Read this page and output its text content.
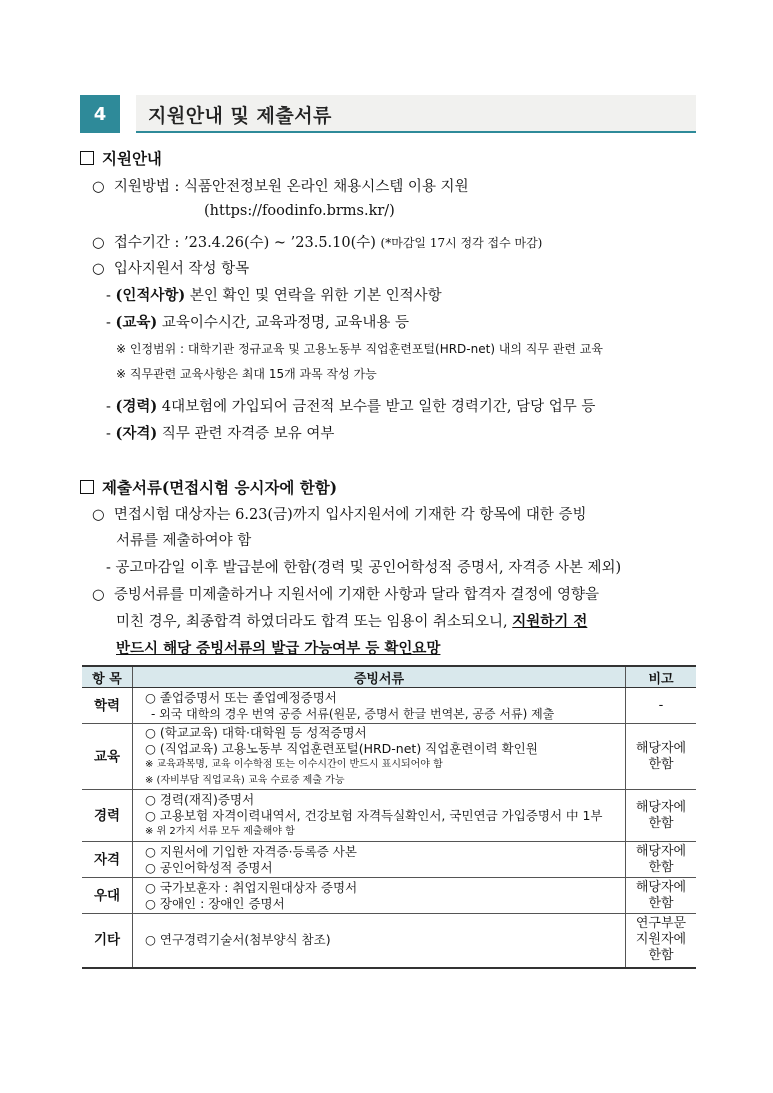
4	지원안내 및 제출서류
지원안내
○  지원방법 : 식품안전정보원 온라인 채용시스템 이용 지원
(https://foodinfo.brms.kr/)
○  접수기간 : ’23.4.26(수) ~ ’23.5.10(수) (*마감일 17시 정각 접수 마감)
○  입사지원서 작성 항목
- (인적사항) 본인 확인 및 연락을 위한 기본 인적사항
- (교육) 교육이수시간, 교육과정명, 교육내용 등
※ 인정범위 : 대학기관 정규교육 및 고용노동부 직업훈련포털(HRD-net) 내의 직무 관련 교육
※ 직무관련 교육사항은 최대 15개 과목 작성 가능
- (경력) 4대보험에 가입되어 금전적 보수를 받고 일한 경력기간, 담당 업무 등
- (자격) 직무 관련 자격증 보유 여부
제출서류(면접시험 응시자에 한함)
○  면접시험 대상자는 6.23(금)까지 입사지원서에 기재한 각 항목에 대한 증빙
서류를 제출하여야 함
- 공고마감일 이후 발급분에 한함(경력 및 공인어학성적 증명서, 자격증 사본 제외)
○  증빙서류를 미제출하거나 지원서에 기재한 사항과 달라 합격자 결정에 영향을
미친 경우, 최종합격 하였더라도 합격 또는 임용이 취소되오니, 지원하기 전
반드시 해당 증빙서류의 발급 가능여부 등 확인요망
항 목	증빙서류	비고
학력	○ 졸업증명서 또는 졸업예정증명서
- 외국 대학의 경우 번역 공증 서류(원문, 증명서 한글 번역본, 공증 서류) 제출	-
교육	○ (학교교육) 대학·대학원 등 성적증명서
○ (직업교육) 고용노동부 직업훈련포털(HRD-net) 직업훈련이력 확인원
※ 교육과목명, 교육 이수학점 또는 이수시간이 반드시 표시되어야 함
※ (자비부담 직업교육) 교육 수료증 제출 가능	해당자에 한함
경력	○ 경력(재직)증명서
○ 고용보험 자격이력내역서, 건강보험 자격득실확인서, 국민연금 가입증명서 中 1부
※ 위 2가지 서류 모두 제출해야 함	해당자에 한함
자격	○ 지원서에 기입한 자격증·등록증 사본
○ 공인어학성적 증명서	해당자에 한함
우대	○ 국가보훈자 : 취업지원대상자 증명서
○ 장애인 : 장애인 증명서	해당자에 한함
기타	○ 연구경력기술서(첨부양식 참조)	연구부문 지원자에 한함
